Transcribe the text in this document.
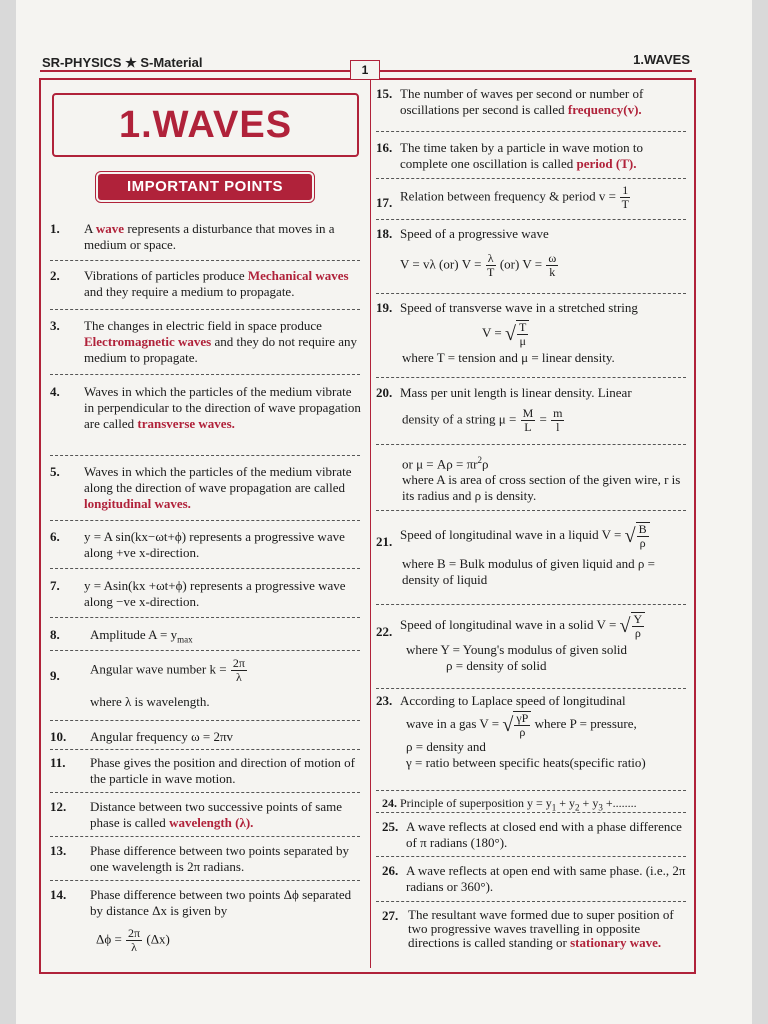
SR-PHYSICS ★ S-Material	1.WAVES
1
1.WAVES
IMPORTANT POINTS
1. A wave represents a disturbance that moves in a medium or space.
2. Vibrations of particles produce Mechanical waves and they require a medium to propagate.
3. The changes in electric field in space produce Electromagnetic waves and they do not require any medium to propagate.
4. Waves in which the particles of the medium vibrate in perpendicular to the direction of wave propagation are called transverse waves.
5. Waves in which the particles of the medium vibrate along the direction of wave propagation are called longitudinal waves.
6. y = A sin(kx−ωt+ϕ) represents a progressive wave along +ve x-direction.
7. y = Asin(kx +ωt+ϕ) represents a progressive wave along −ve x-direction.
8. Amplitude $A = y_{max}$
9. Angular wave number $k = \frac{2\pi}{\lambda}$
where λ is wavelength.
10. Angular frequency ω = 2πv
11. Phase gives the position and direction of motion of the particle in wave motion.
12. Distance between two successive points of same phase is called wavelength (λ).
13. Phase difference between two points separated by one wavelength is 2π radians.
14. Phase difference between two points Δϕ separated by distance Δx is given by
$\Delta\phi = \frac{2\pi}{\lambda} (\Delta x)$
15. The number of waves per second or number of oscillations per second is called frequency(v).
16. The time taken by a particle in wave motion to complete one oscillation is called period (T).
17. Relation between frequency & period $v = \frac{1}{T}$
18. Speed of a progressive wave
V = vλ (or) $V = \frac{\lambda}{T} (or) V = \frac{\omega}{k}$
19. Speed of transverse wave in a stretched string
V = √ $\frac{T}{\mu}$
where T = tension and μ = linear density.
20. Mass per unit length is linear density. Linear
density of a string $\mu = \frac{M}{L} = \frac{m}{l}$
or $\mu = A\rho = \pi r^2\rho$
where A is area of cross section of the given wire, r is its radius and ρ is density.
21. Speed of longitudinal wave in a liquid V = √ $\frac{B}{\rho}$
where B = Bulk modulus of given liquid and ρ = density of liquid
22. Speed of longitudinal wave in a solid V = √ $\frac{Y}{\rho}$
where Y = Young's modulus of given solid
ρ = density of solid
23. According to Laplace speed of longitudinal
wave in a gas V = √ $\frac{\gamma P}{\rho}$ where P = pressure,
ρ = density and
γ = ratio between specific heats(specific ratio)
24. Principle of superposition $y = y_1 + y_2 + y_3$ +........
25. A wave reflects at closed end with a phase difference of π radians (180°).
26. A wave reflects at open end with same phase. (i.e., 2π radians or 360°).
27. The resultant wave formed due to super position of two progressive waves travelling in opposite directions is called standing or stationary wave.
